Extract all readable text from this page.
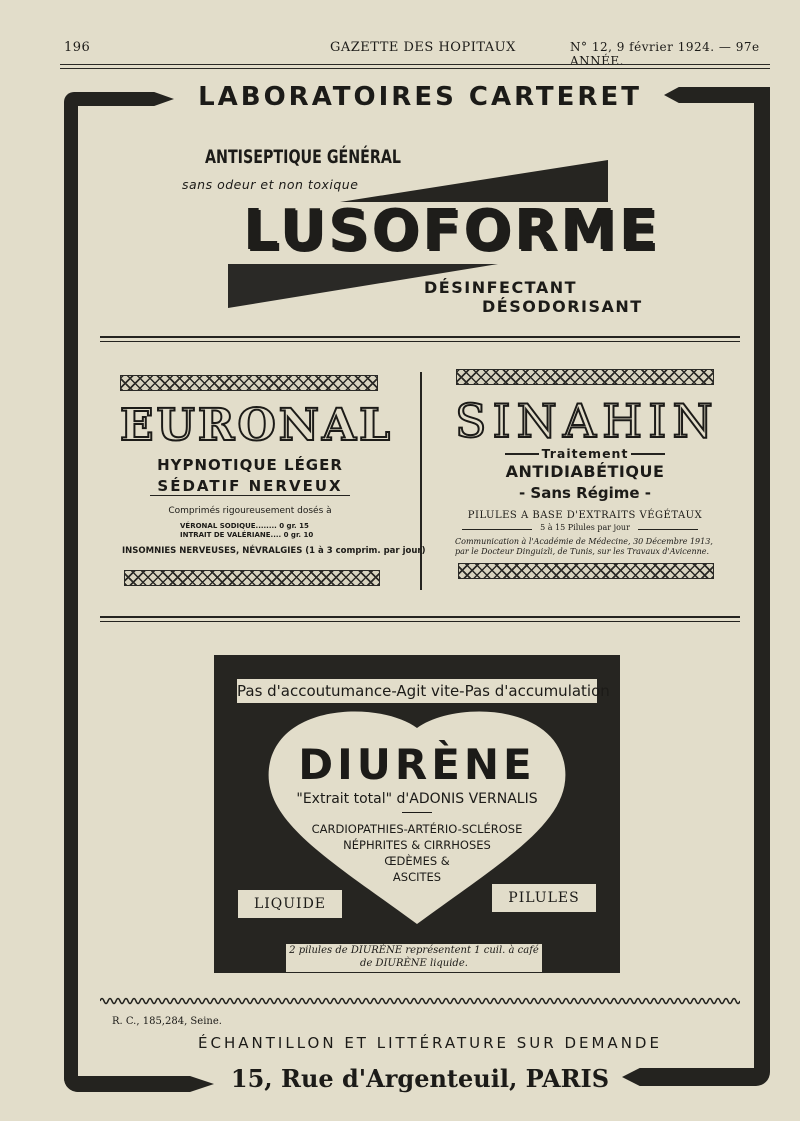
196	GAZETTE DES HOPITAUX	N° 12, 9 février 1924. — 97e ANNÉE.
LABORATOIRES CARTERET
ANTISEPTIQUE GÉNÉRAL
sans odeur et non toxique
LUSOFORME
DÉSINFECTANT
DÉSODORISANT
EURONAL
HYPNOTIQUE LÉGER
SÉDATIF NERVEUX
Comprimés rigoureusement dosés à
VÉRONAL SODIQUE........ 0 gr. 15
INTRAIT DE VALÉRIANE.... 0 gr. 10
INSOMNIES NERVEUSES, NÉVRALGIES (1 à 3 comprim. par jour)
SINAHIN
Traitement
ANTIDIABÉTIQUE
- Sans Régime -
PILULES A BASE D'EXTRAITS VÉGÉTAUX
5 à 15 Pilules par jour
Communication à l'Académie de Médecine, 30 Décembre 1913,
par le Docteur Dinguizli, de Tunis, sur les Travaux d'Avicenne.
Pas d'accoutumance-Agit vite-Pas d'accumulation
DIURÈNE
"Extrait total" d'ADONIS VERNALIS
CARDIOPATHIES-ARTÉRIO-SCLÉROSE
NÉPHRITES & CIRRHOSES
ŒDÈMES &
ASCITES
LIQUIDE	PILULES
2 pilules de DIURÈNE représentent 1 cuil. à café
de DIURÈNE liquide.
R. C., 185,284, Seine.
ÉCHANTILLON ET LITTÉRATURE SUR DEMANDE
15, Rue d'Argenteuil, PARIS
